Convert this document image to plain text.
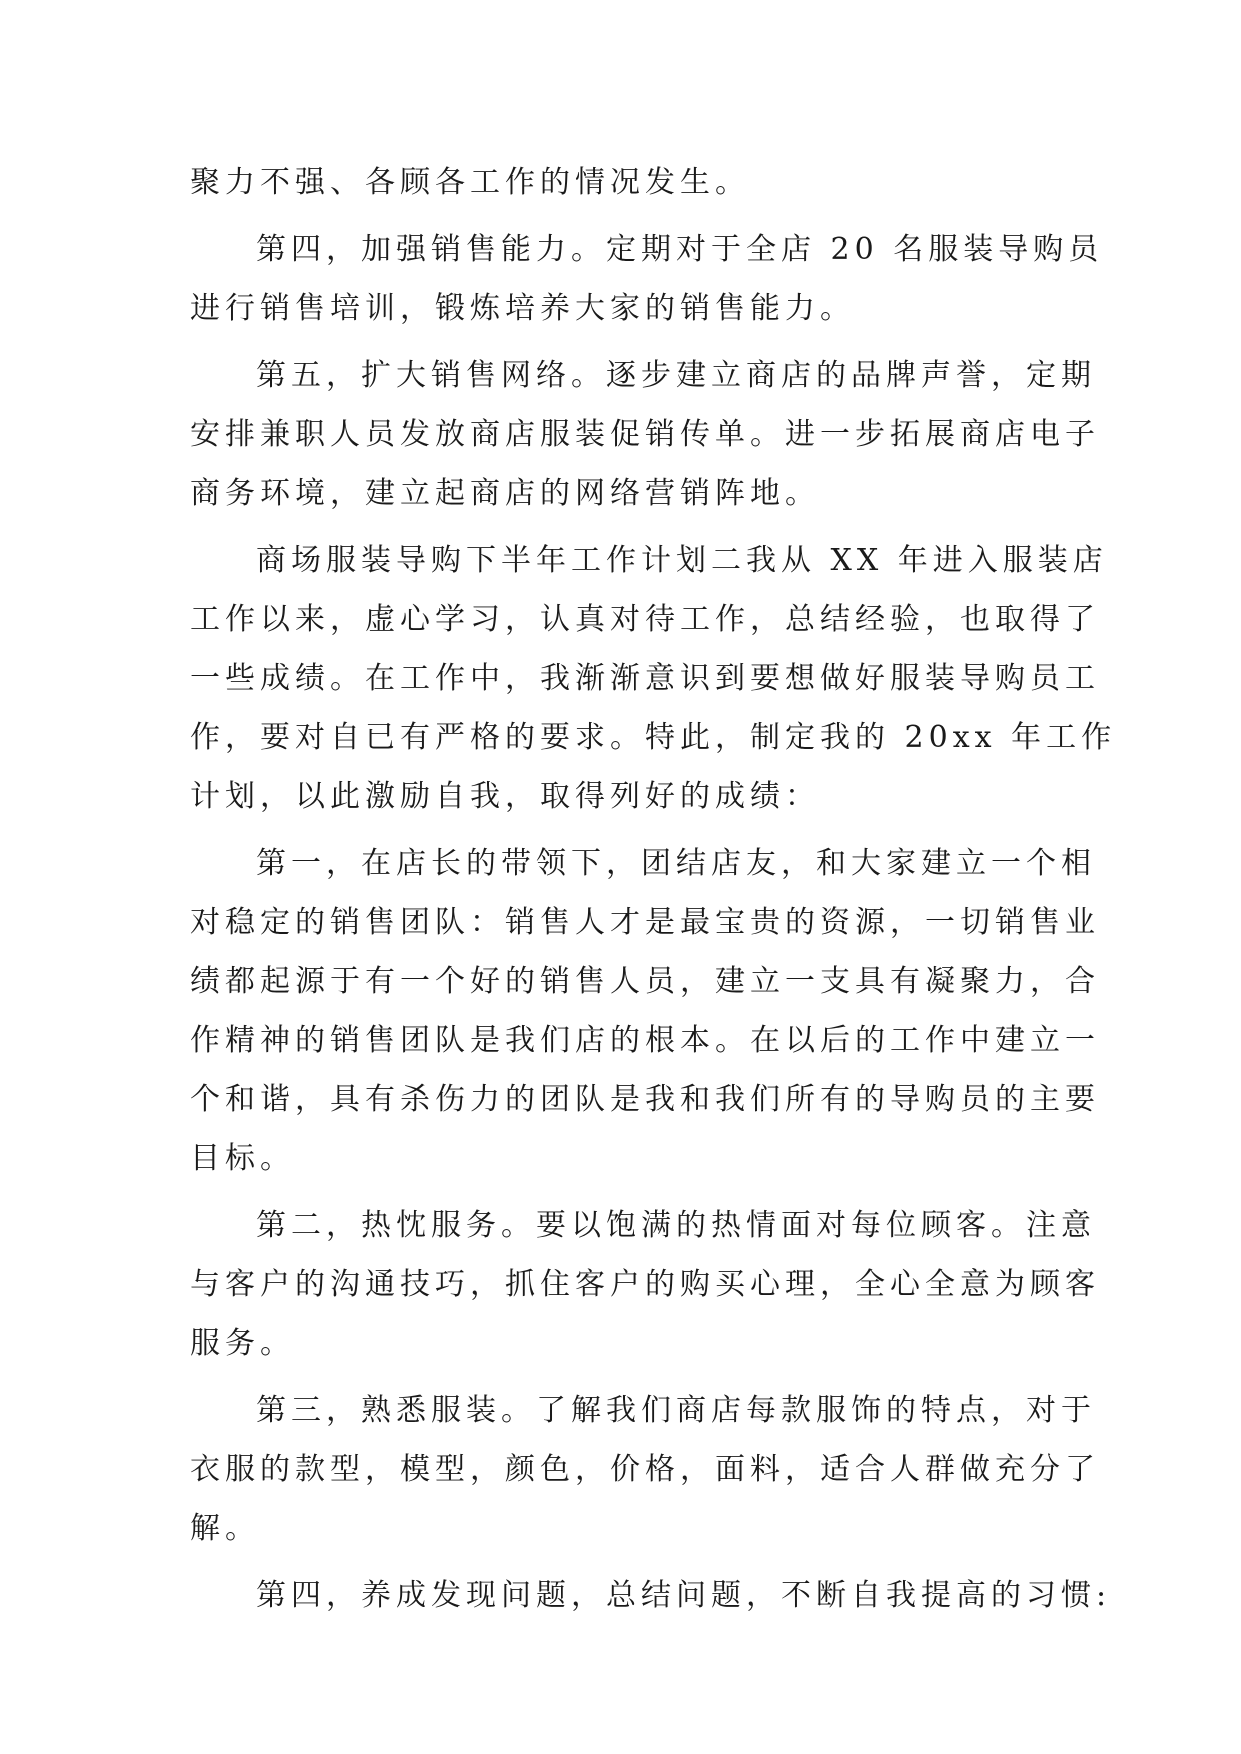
聚力不强、各顾各工作的情况发生。
第四，加强销售能力。定期对于全店 20 名服装导购员
进行销售培训，锻炼培养大家的销售能力。
第五，扩大销售网络。逐步建立商店的品牌声誉，定期
安排兼职人员发放商店服装促销传单。进一步拓展商店电子
商务环境，建立起商店的网络营销阵地。
商场服装导购下半年工作计划二我从 XX 年进入服装店
工作以来，虚心学习，认真对待工作，总结经验，也取得了
一些成绩。在工作中，我渐渐意识到要想做好服装导购员工
作，要对自已有严格的要求。特此，制定我的 20xx 年工作
计划，以此激励自我，取得列好的成绩：
第一，在店长的带领下，团结店友，和大家建立一个相
对稳定的销售团队：销售人才是最宝贵的资源，一切销售业
绩都起源于有一个好的销售人员，建立一支具有凝聚力，合
作精神的销售团队是我们店的根本。在以后的工作中建立一
个和谐，具有杀伤力的团队是我和我们所有的导购员的主要
目标。
第二，热忱服务。要以饱满的热情面对每位顾客。注意
与客户的沟通技巧，抓住客户的购买心理，全心全意为顾客
服务。
第三，熟悉服装。了解我们商店每款服饰的特点，对于
衣服的款型，模型，颜色，价格，面料，适合人群做充分了
解。
第四，养成发现问题，总结问题，不断自我提高的习惯:
